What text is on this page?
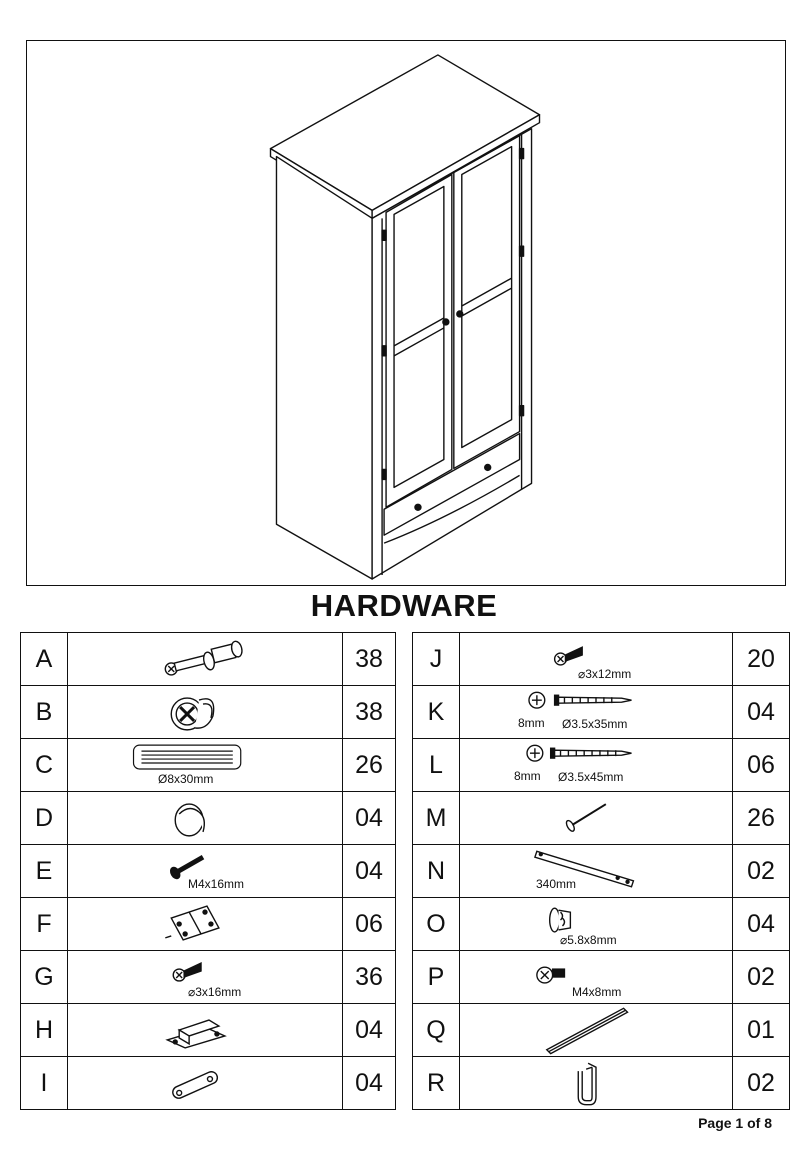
HARDWARE
A		38
B		38
C	Ø8x30mm	26
D		04
E	M4x16mm	04
F		06
G	⌀3x16mm	36
H		04
I		04
J	⌀3x12mm	20
K	8mm Ø3.5x35mm	04
L	8mm Ø3.5x45mm	06
M		26
N	340mm	02
O	⌀5.8x8mm	04
P	M4x8mm	02
Q		01
R		02
Page 1 of 8
